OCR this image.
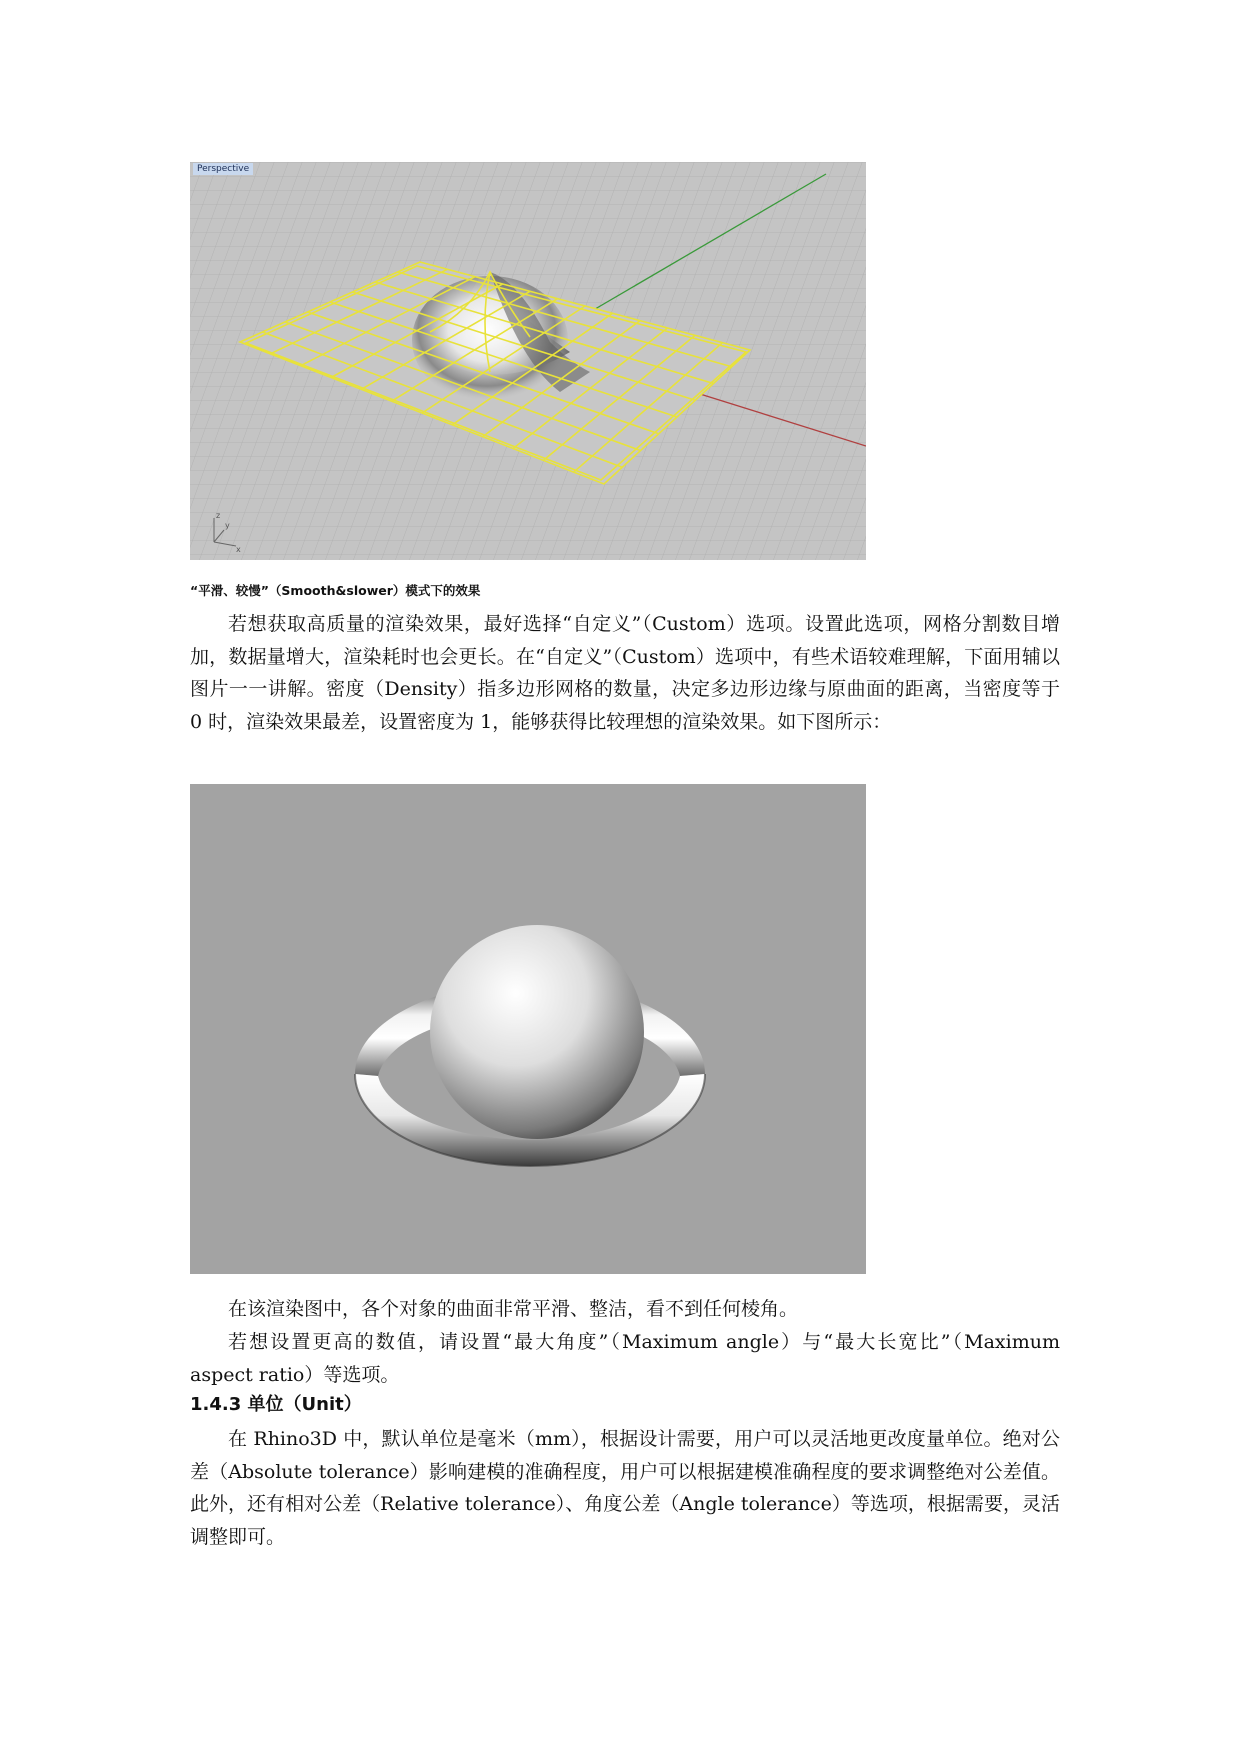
z
y
x
Perspective
“平滑、较慢”（Smooth&slower）模式下的效果

若想获取高质量的渲染效果，最好选择“自定义”（Custom）选项。设置此选项，网格分割数目增加，数据量增大，渲染耗时也会更长。在“自定义”（Custom）选项中，有些术语较难理解，下面用辅以图片一一讲解。密度（Density）指多边形网格的数量，决定多边形边缘与原曲面的距离，当密度等于 0 时，渲染效果最差，设置密度为 1，能够获得比较理想的渲染效果。如下图所示：

在该渲染图中，各个对象的曲面非常平滑、整洁，看不到任何棱角。

若想设置更高的数值，请设置“最大角度”（Maximum angle）与“最大长宽比”（Maximum aspect ratio）等选项。

1.4.3 单位（Unit）

在 Rhino3D 中，默认单位是毫米（mm），根据设计需要，用户可以灵活地更改度量单位。绝对公差（Absolute tolerance）影响建模的准确程度，用户可以根据建模准确程度的要求调整绝对公差值。此外，还有相对公差（Relative tolerance）、角度公差（Angle tolerance）等选项，根据需要，灵活调整即可。
